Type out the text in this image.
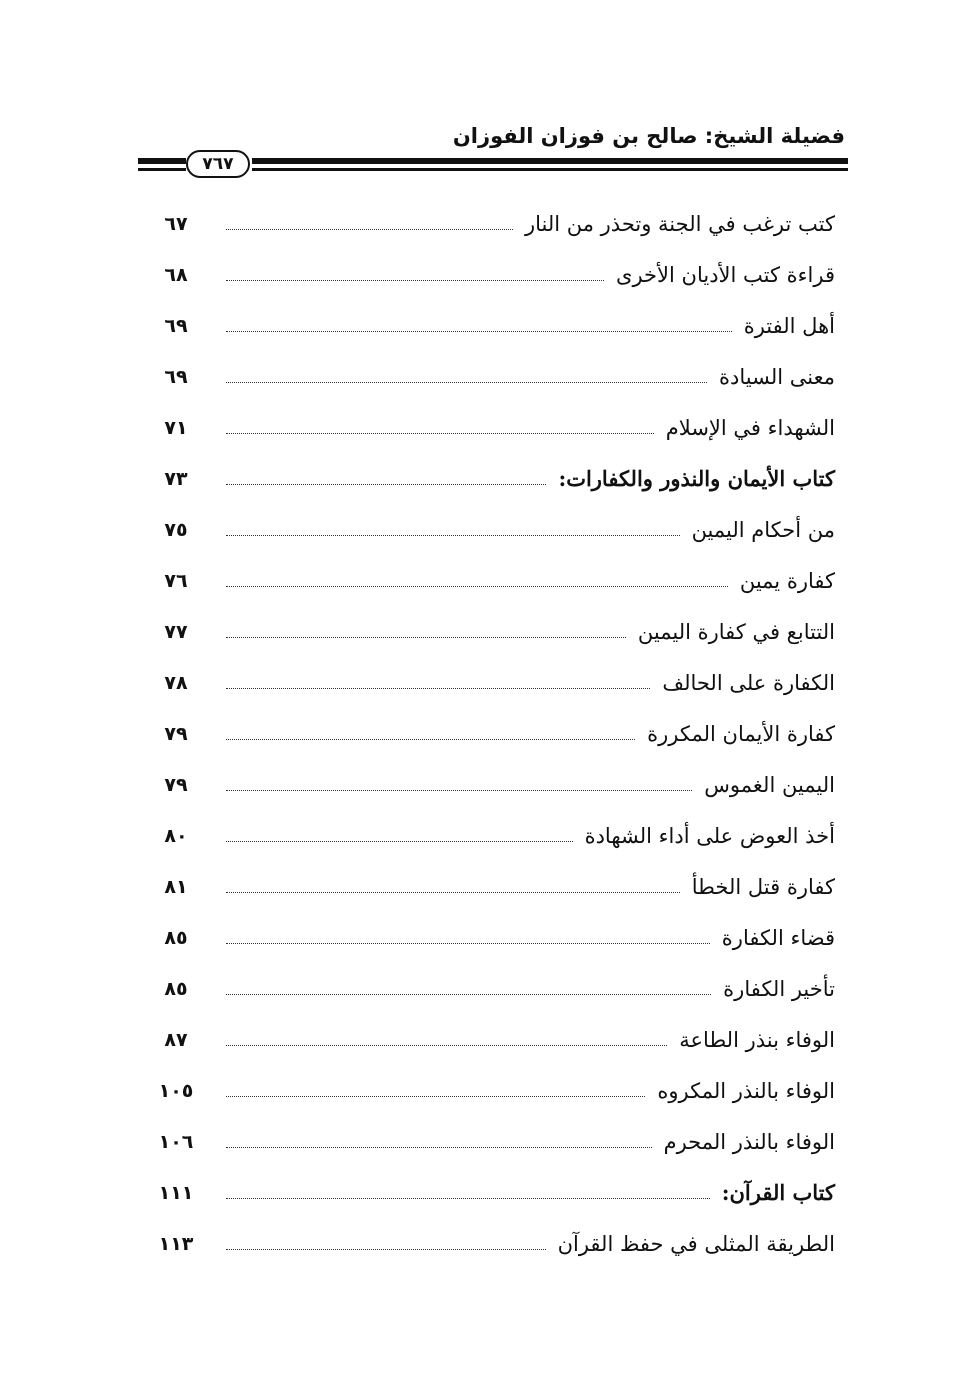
فضيلة الشيخ: صالح بن فوزان الفوزان
٧٦٧
كتب ترغب في الجنة وتحذر من النار
٦٧
قراءة كتب الأديان الأخرى
٦٨
أهل الفترة
٦٩
معنى السيادة
٦٩
الشهداء في الإسلام
٧١
كتاب الأيمان والنذور والكفارات:
٧٣
من أحكام اليمين
٧٥
كفارة يمين
٧٦
التتابع في كفارة اليمين
٧٧
الكفارة على الحالف
٧٨
كفارة الأيمان المكررة
٧٩
اليمين الغموس
٧٩
أخذ العوض على أداء الشهادة
٨٠
كفارة قتل الخطأ
٨١
قضاء الكفارة
٨٥
تأخير الكفارة
٨٥
الوفاء بنذر الطاعة
٨٧
الوفاء بالنذر المكروه
١٠٥
الوفاء بالنذر المحرم
١٠٦
كتاب القرآن:
١١١
الطريقة المثلى في حفظ القرآن
١١٣
